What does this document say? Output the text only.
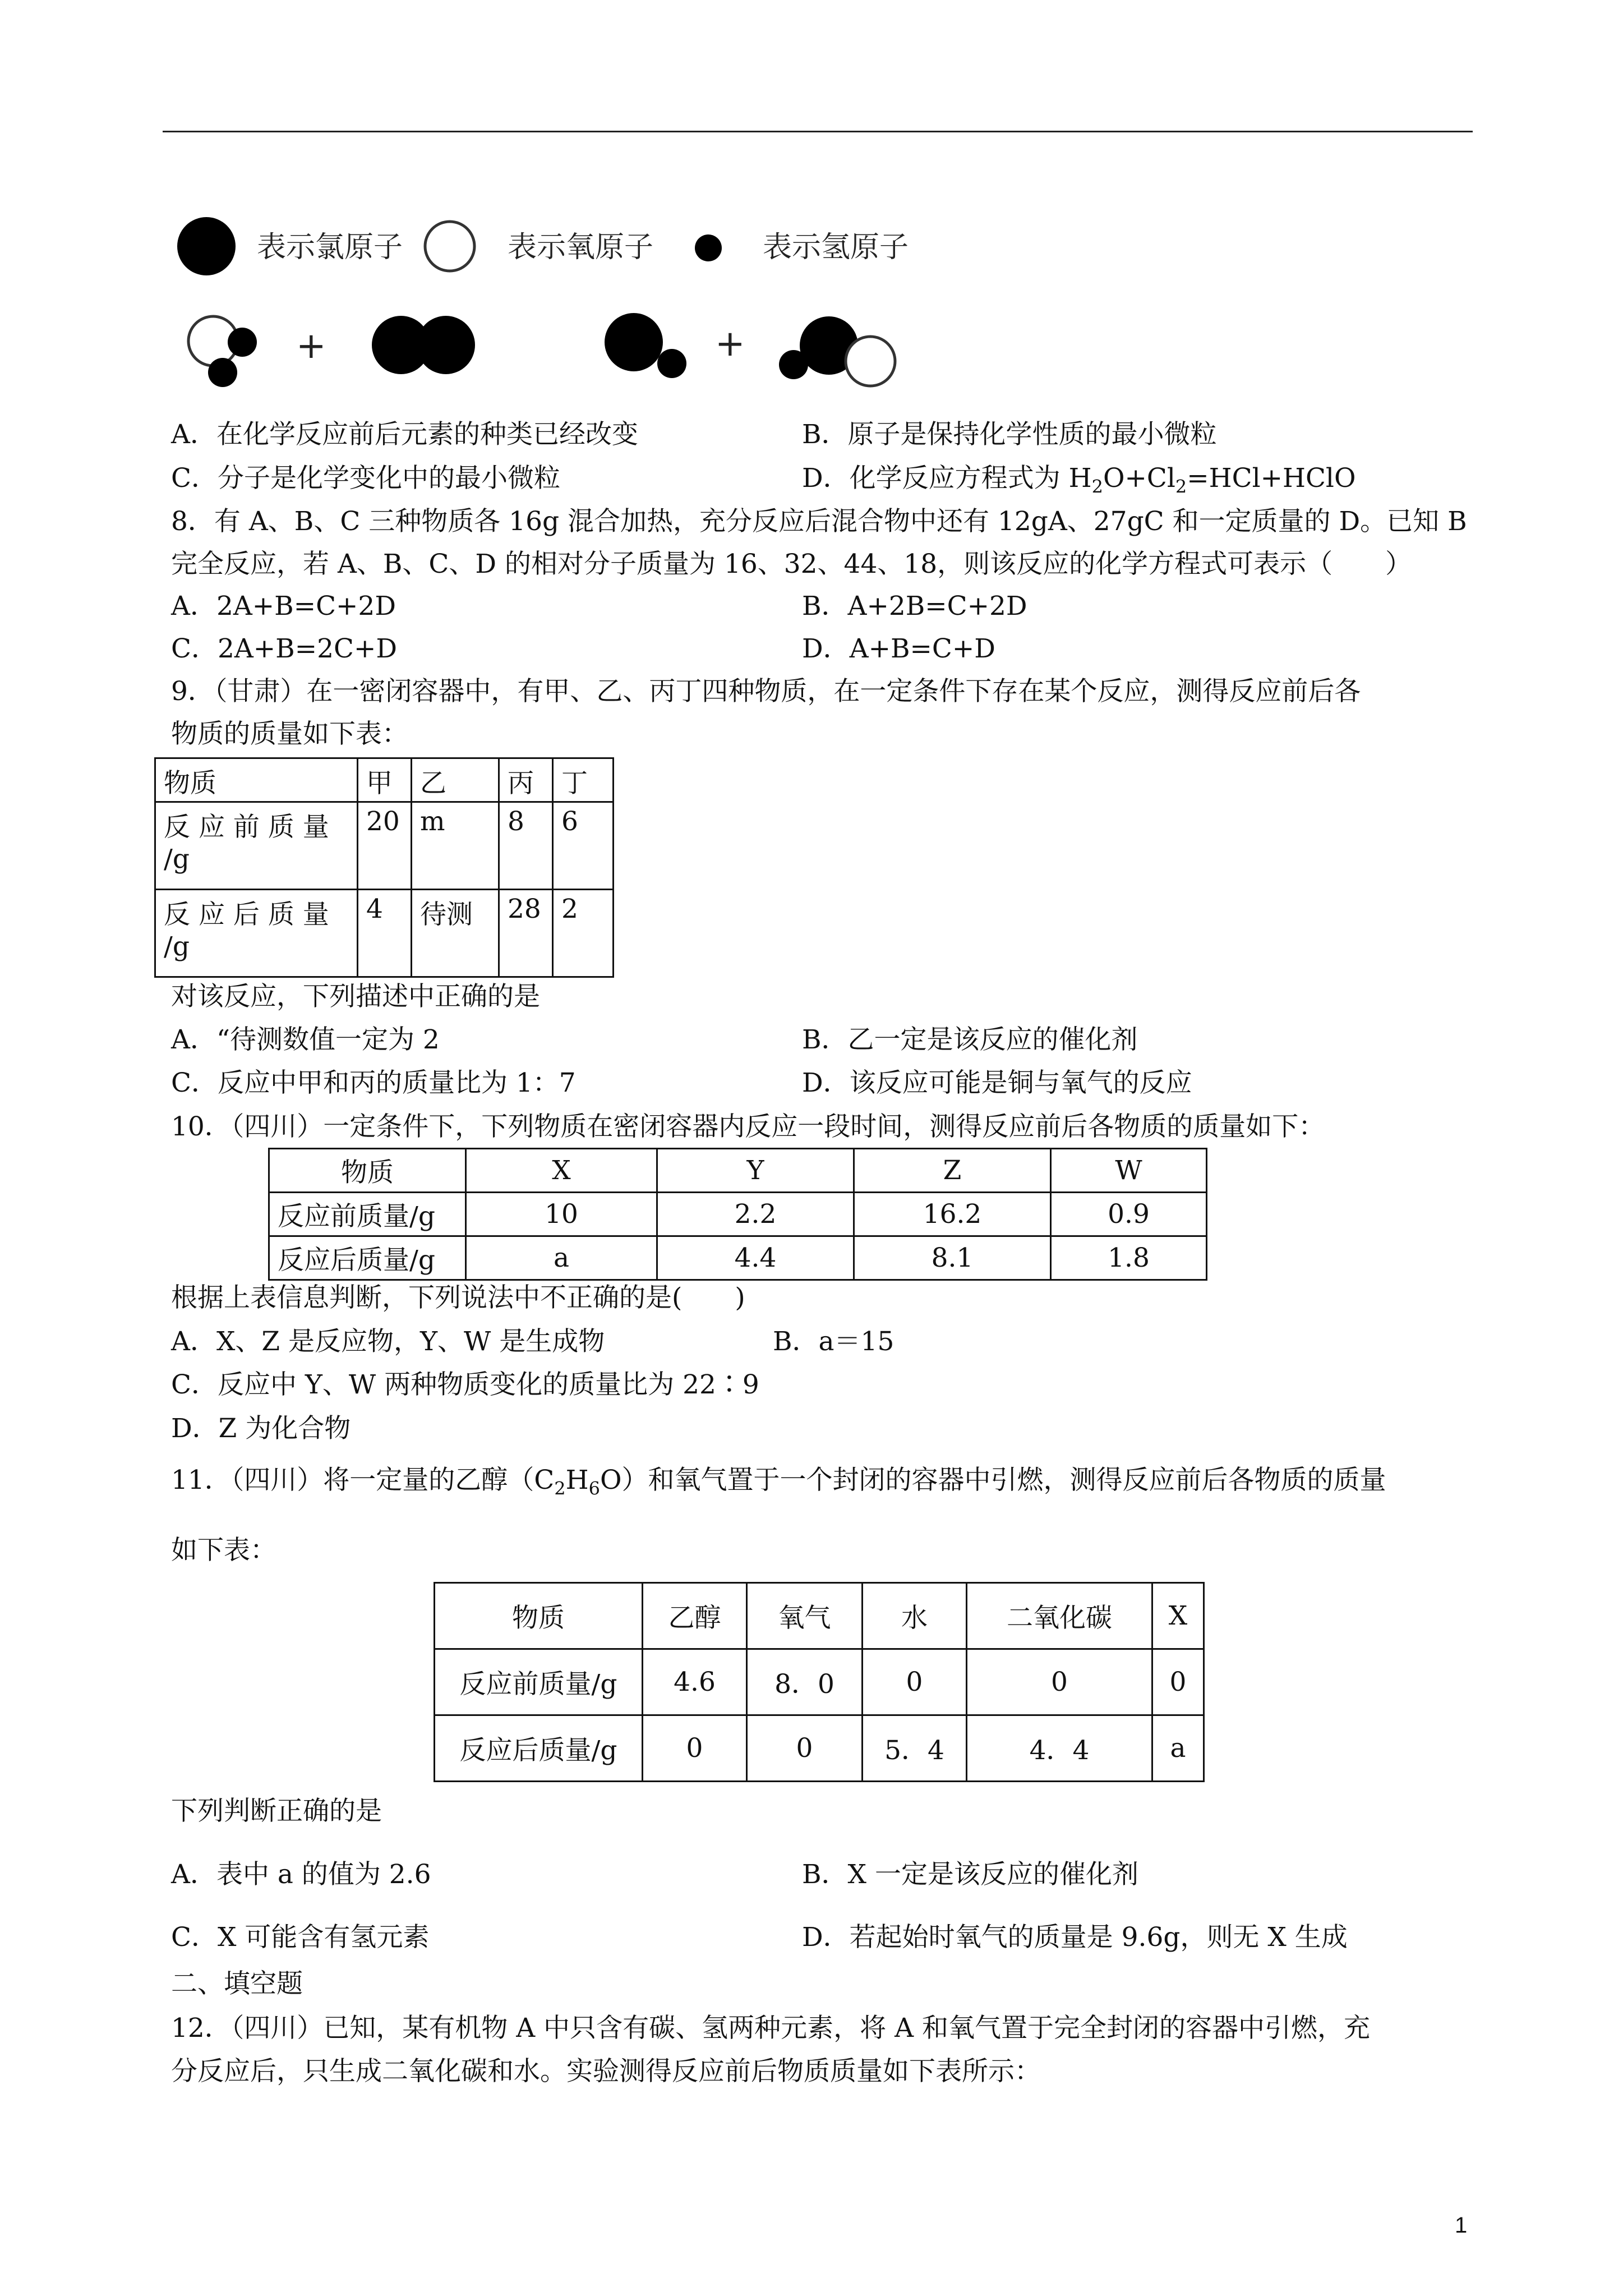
表示氯原子	表示氧原子	表示氢原子
+	+
A．在化学反应前后元素的种类已经改变	B．原子是保持化学性质的最小微粒
C．分子是化学变化中的最小微粒	D．化学反应方程式为 $H_2O+Cl_2=HCl+HClO$
8．有 A、B、C 三种物质各 16g 混合加热，充分反应后混合物中还有 12gA、27gC 和一定质量的 D。已知 B
完全反应，若 A、B、C、D 的相对分子质量为 16、32、44、18，则该反应的化学方程式可表示（　　）
A．2A+B=C+2D	B．A+2B=C+2D
C．2A+B=2C+D	D．A+B=C+D
9．（甘肃）在一密闭容器中，有甲、乙、丙丁四种物质，在一定条件下存在某个反应，测得反应前后各
物质的质量如下表：
物质	甲	乙	丙	丁

反 应 前 质 量
/g	20	m	8	6

反 应 后 质 量
/g	4	待测	28	2
对该反应，下列描述中正确的是
A．“待测数值一定为 2	B．乙一定是该反应的催化剂
C．反应中甲和丙的质量比为 1：7	D．该反应可能是铜与氧气的反应
10．（四川）一定条件下，下列物质在密闭容器内反应一段时间，测得反应前后各物质的质量如下：
物质	X	Y	Z	W
反应前质量/g	10	2.2	16.2	0.9
反应后质量/g	a	4.4	8.1	1.8
根据上表信息判断，下列说法中不正确的是(　　)
A．X、Z 是反应物，Y、W 是生成物	B．a＝15
C．反应中 Y、W 两种物质变化的质量比为 22∶9
D．Z 为化合物
11．（四川）将一定量的乙醇$(C_2H_6O)$和氧气置于一个封闭的容器中引燃，测得反应前后各物质的质量
如下表：
物质	乙醇	氧气	水	二氧化碳	X
反应前质量/g	4.6	8．0	0	0	0
反应后质量/g	0	0	5．4	4．4	a
下列判断正确的是
A．表中 a 的值为 2.6	B．X 一定是该反应的催化剂
C．X 可能含有氢元素	D．若起始时氧气的质量是 9.6g，则无 X 生成
二、填空题
12．（四川）已知，某有机物 A 中只含有碳、氢两种元素，将 A 和氧气置于完全封闭的容器中引燃，充
分反应后，只生成二氧化碳和水。实验测得反应前后物质质量如下表所示：
1
